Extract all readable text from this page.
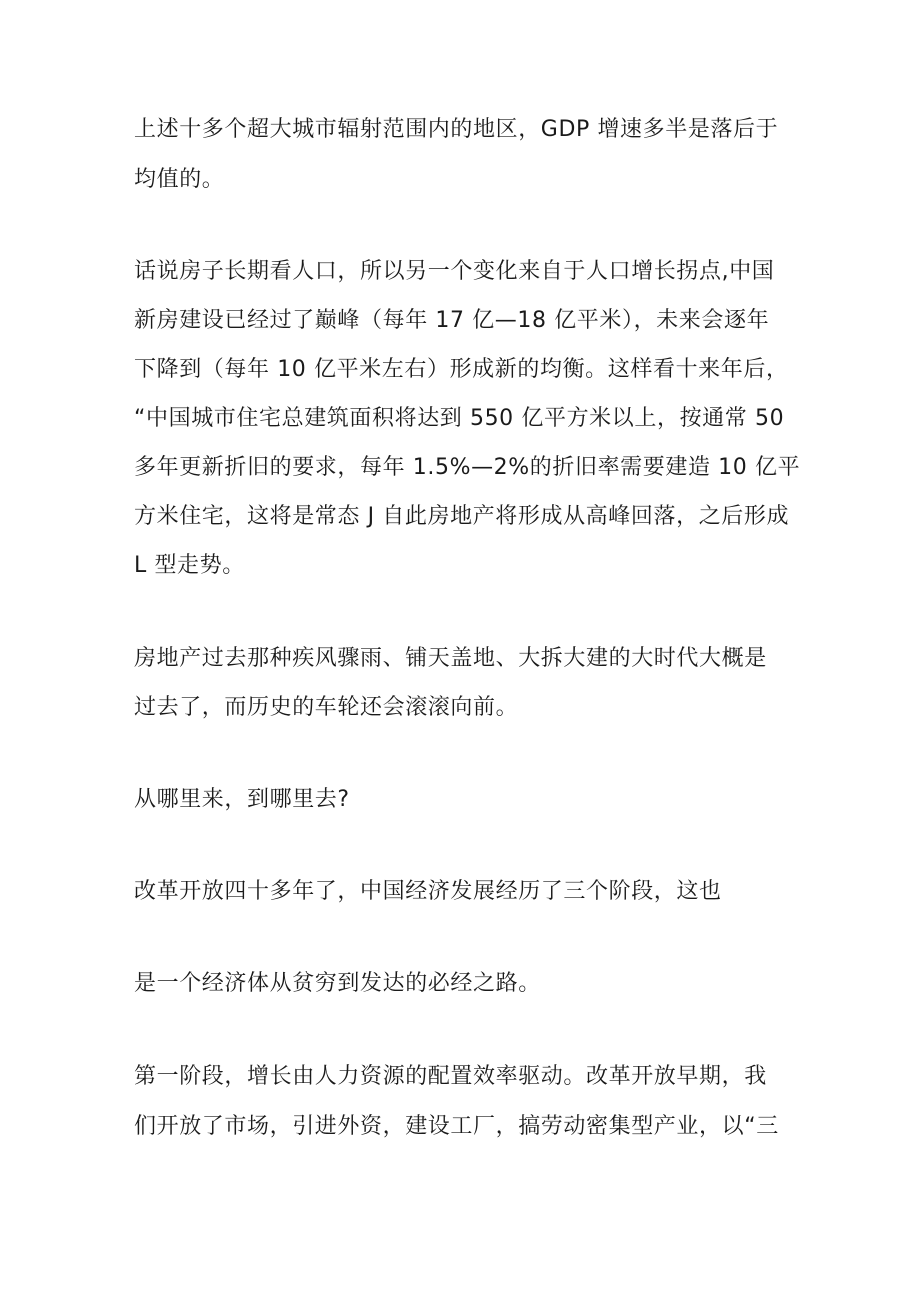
上述十多个超大城市辐射范围内的地区，GDP 增速多半是落后于

均值的。

话说房子长期看人口，所以另一个变化来自于人口增长拐点,中国

新房建设已经过了巅峰（每年 17 亿—18 亿平米），未来会逐年

下降到（每年 10 亿平米左右）形成新的均衡。这样看十来年后，

“中国城市住宅总建筑面积将达到 550 亿平方米以上，按通常 50

多年更新折旧的要求，每年 1.5%—2%的折旧率需要建造 10 亿平

方米住宅，这将是常态 J 自此房地产将形成从高峰回落，之后形成

L 型走势。

房地产过去那种疾风骤雨、铺天盖地、大拆大建的大时代大概是

过去了，而历史的车轮还会滚滚向前。

从哪里来，到哪里去?

改革开放四十多年了，中国经济发展经历了三个阶段，这也

是一个经济体从贫穷到发达的必经之路。

第一阶段，增长由人力资源的配置效率驱动。改革开放早期，我

们开放了市场，引进外资，建设工厂，搞劳动密集型产业，以“三
